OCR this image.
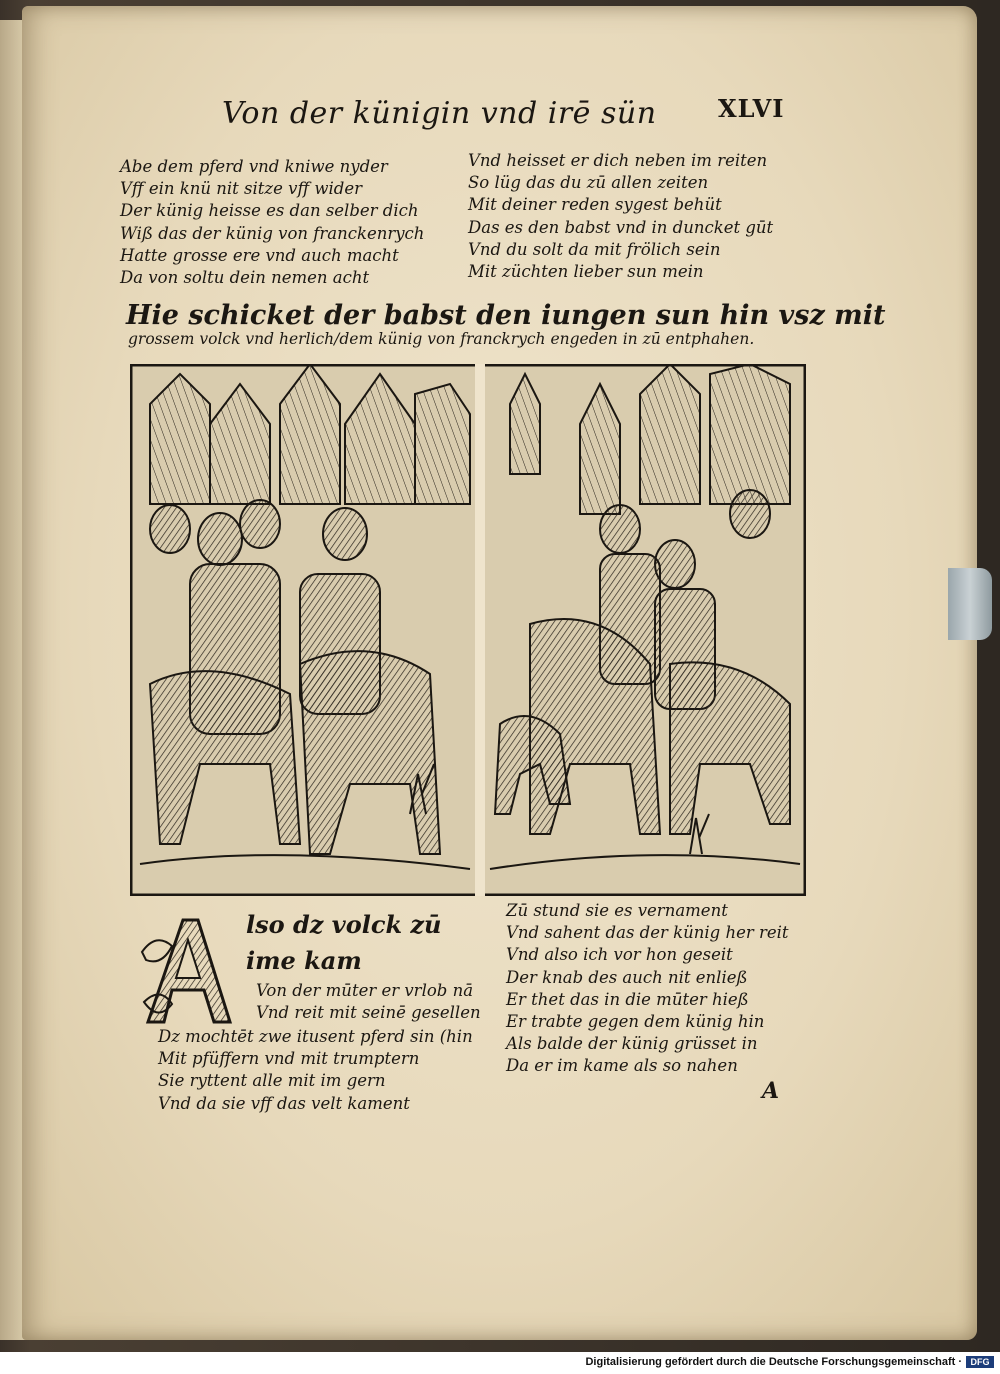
Von der künigin vnd irē sün	XLVI
Abe dem pferd vnd kniwe nyder
Vff ein knü nit sitze vff wider
Der künig heisse es dan selber dich
Wiß das der künig von franckenrych
Hatte grosse ere vnd auch macht
Da von soltu dein nemen acht
Vnd heisset er dich neben im reiten
So lüg das du zū allen zeiten
Mit deiner reden sygest behüt
Das es den babst vnd in duncket gūt
Vnd du solt da mit frölich sein
Mit züchten lieber sun mein
Hie schicket der babst den iungen sun hin vsz mit
grossem volck vnd herlich/dem künig von franckrych engeden in zū entphahen.
lso dz volck zū
ime kam
Von der mūter er vrlob nā
Vnd reit mit seinē gesellen
Dz mochtēt zwe itusent pferd sin (hin
Mit pfüffern vnd mit trumptern
Sie ryttent alle mit im gern
Vnd da sie vff das velt kament
Zū stund sie es vernament
Vnd sahent das der künig her reit
Vnd also ich vor hon geseit
Der knab des auch nit enließ
Er thet das in die mūter hieß
Er trabte gegen dem künig hin
Als balde der künig grüsset in
Da er im kame als so nahen
A
Digitalisierung gefördert durch die Deutsche Forschungsgemeinschaft · DFG
